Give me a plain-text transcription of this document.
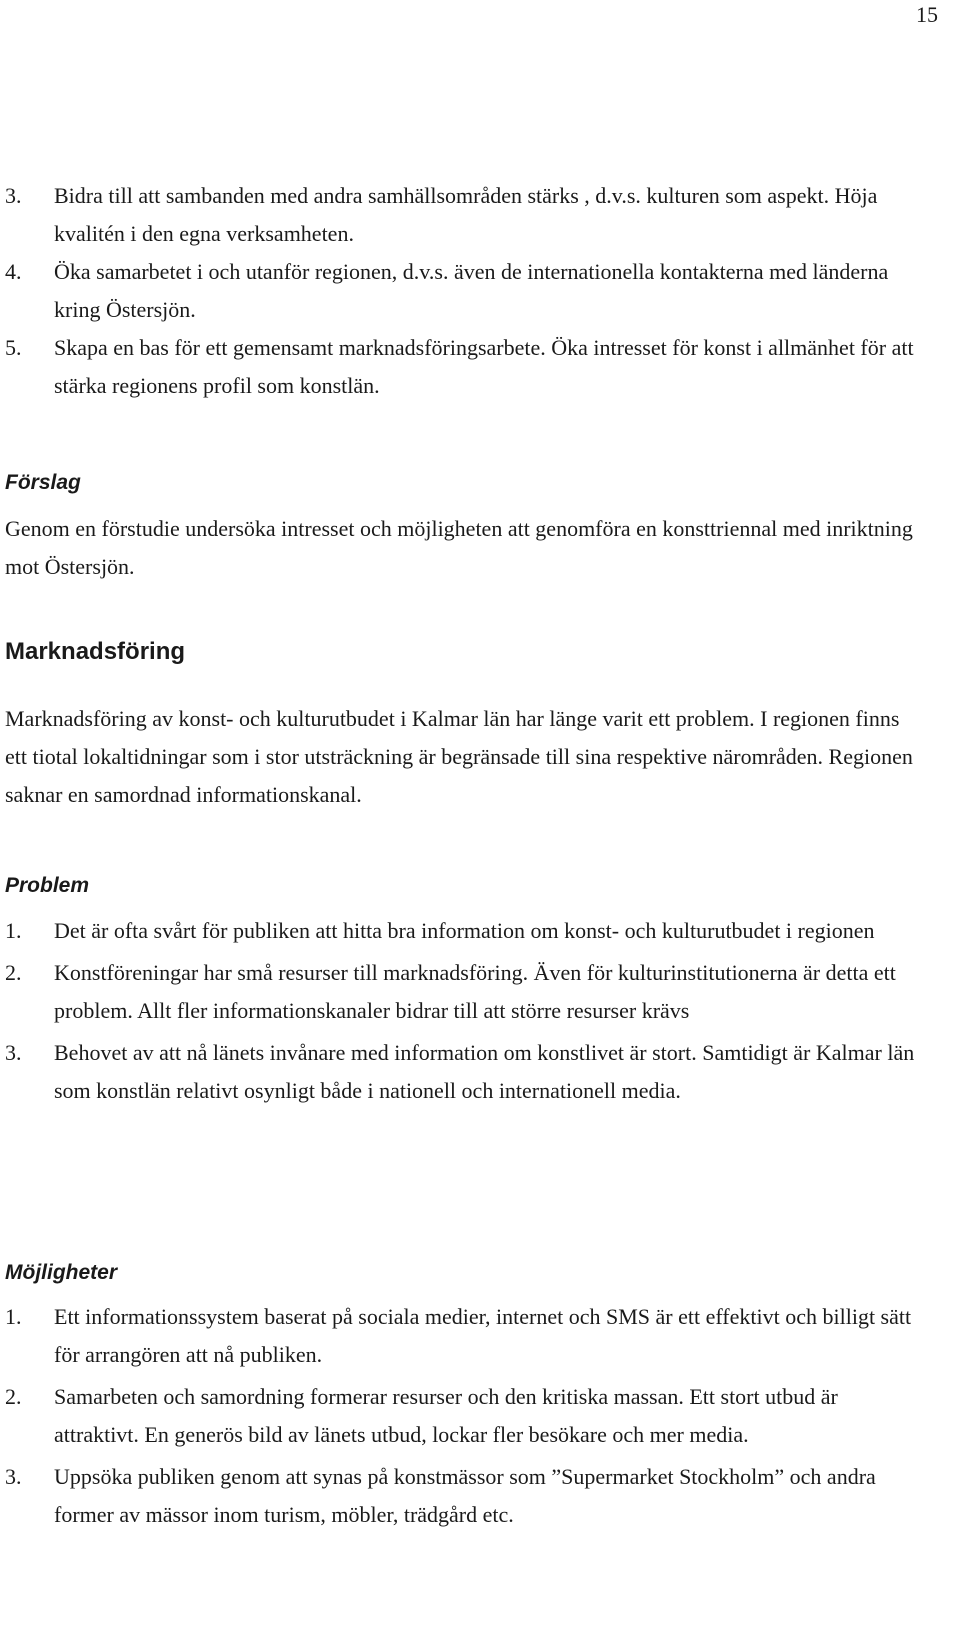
15
3. Bidra till att sambanden med andra samhällsområden stärks , d.v.s. kulturen som aspekt. Höja kvalitén i den egna verksamheten.
4. Öka samarbetet i och utanför regionen, d.v.s. även de internationella kontakterna med länderna kring Östersjön.
5. Skapa en bas för ett gemensamt marknadsföringsarbete. Öka intresset för konst i allmänhet för att stärka regionens profil som konstlän.
Förslag

Genom en förstudie undersöka intresset och möjligheten att genomföra en konsttriennal med inriktning mot Östersjön.

Marknadsföring

Marknadsföring av konst- och kulturutbudet i Kalmar län har länge varit ett problem. I regionen finns ett tiotal lokaltidningar som i stor utsträckning är begränsade till sina respektive närområden. Regionen saknar en samordnad informationskanal.

Problem
1. Det är ofta svårt för publiken att hitta bra information om konst- och kulturutbudet i regionen
2. Konstföreningar har små resurser till marknadsföring. Även för kulturinstitutionerna är detta ett problem. Allt fler informationskanaler bidrar till att större resurser krävs
3. Behovet av att nå länets invånare med information om konstlivet är stort. Samtidigt är Kalmar län som konstlän relativt osynligt både i nationell och internationell media.
Möjligheter
1. Ett informationssystem baserat på sociala medier, internet och SMS är ett effektivt och billigt sätt för arrangören att nå publiken.
2. Samarbeten och samordning formerar resurser och den kritiska massan. Ett stort utbud är attraktivt. En generös bild av länets utbud, lockar fler besökare och mer media.
3. Uppsöka publiken genom att synas på konstmässor som ”Supermarket Stockholm” och andra former av mässor inom turism, möbler, trädgård etc.
